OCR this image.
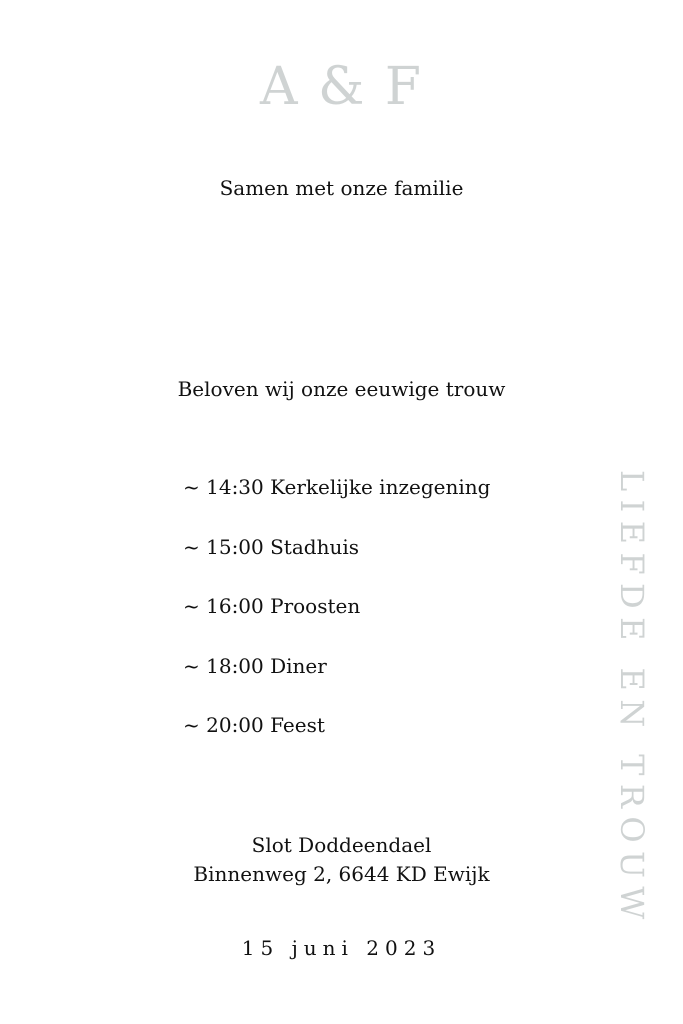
A & F
Samen met onze familie
Beloven wij onze eeuwige trouw
~ 14:30 Kerkelijke inzegening
~ 15:00 Stadhuis
~ 16:00 Proosten
~ 18:00 Diner
~ 20:00 Feest
Slot Doddeendael
Binnenweg 2, 6644 KD Ewijk
15 juni 2023
LIEFDE EN TROUW
